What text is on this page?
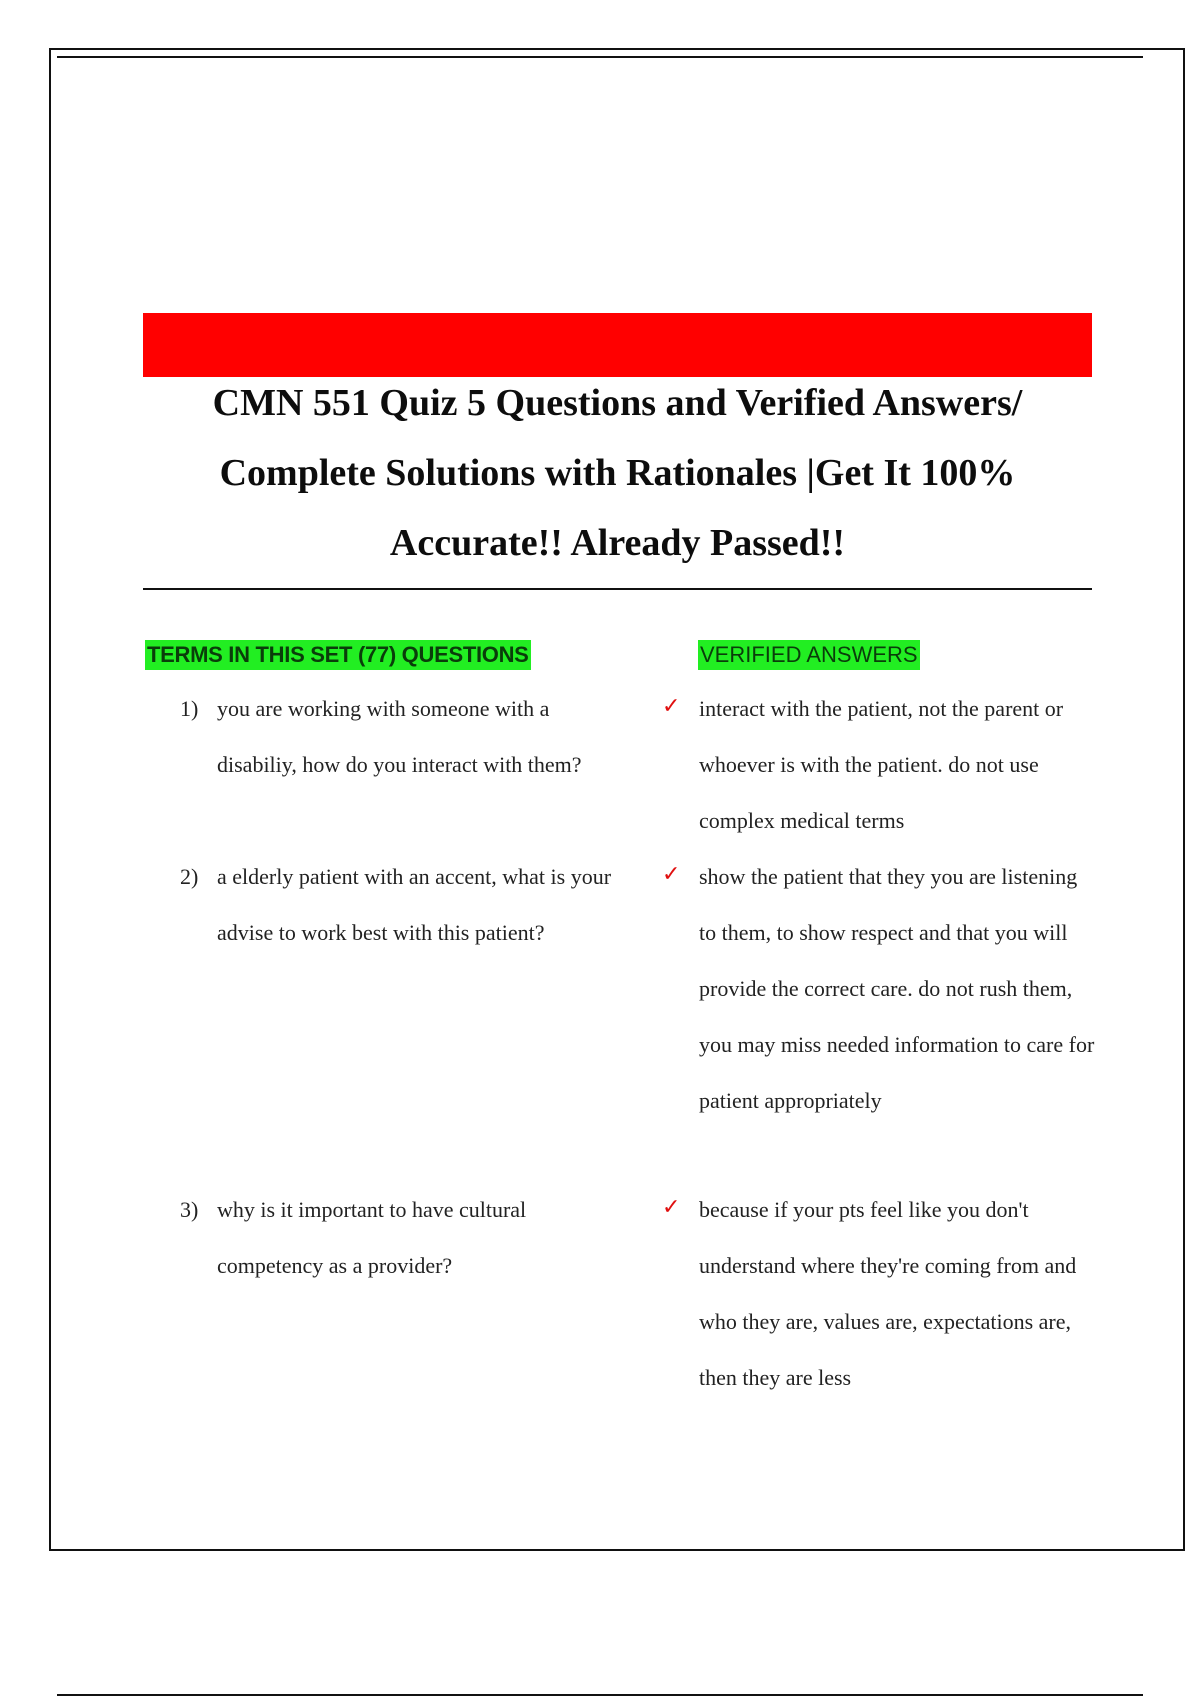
CMN 551 Quiz 5 Questions and Verified Answers/ Complete Solutions with Rationales |Get It 100% Accurate!! Already Passed!!
TERMS IN THIS SET (77) QUESTIONS	VERIFIED ANSWERS
1) you are working with someone with a disabiliy, how do you interact with them?

✓ interact with the patient, not the parent or whoever is with the patient. do not use complex medical terms

2) a elderly patient with an accent, what is your advise to work best with this patient?

✓ show the patient that they you are listening to them, to show respect and that you will provide the correct care. do not rush them, you may miss needed information to care for patient appropriately

3) why is it important to have cultural competency as a provider?

✓ because if your pts feel like you don't understand where they're coming from and who they are, values are, expectations are, then they are less
